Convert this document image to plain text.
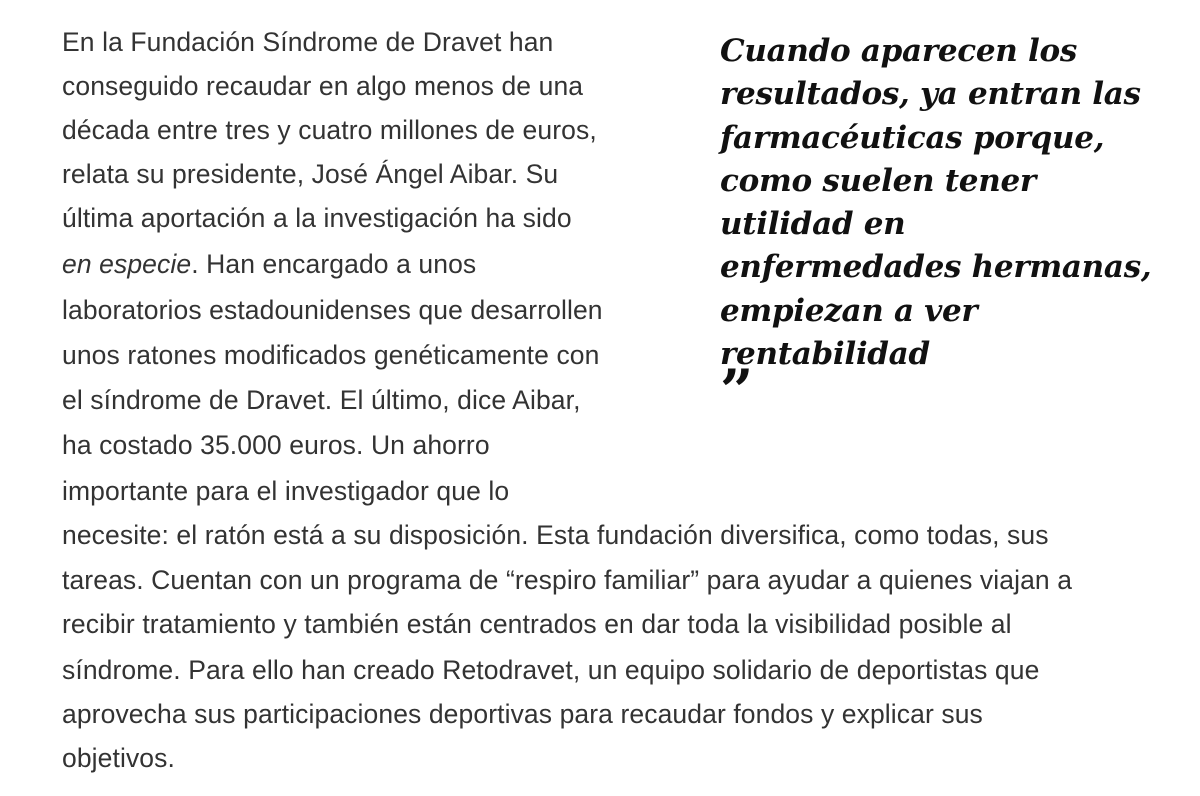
En la Fundación Síndrome de Dravet han
conseguido recaudar en algo menos de una
década entre tres y cuatro millones de euros,
relata su presidente, José Ángel Aibar. Su
última aportación a la investigación ha sido
en especie. Han encargado a unos
laboratorios estadounidenses que desarrollen
unos ratones modificados genéticamente con
el síndrome de Dravet. El último, dice Aibar,
ha costado 35.000 euros. Un ahorro
importante para el investigador que lo
necesite: el ratón está a su disposición. Esta fundación diversifica, como todas, sus
tareas. Cuentan con un programa de “respiro familiar” para ayudar a quienes viajan a
recibir tratamiento y también están centrados en dar toda la visibilidad posible al
síndrome. Para ello han creado Retodravet, un equipo solidario de deportistas que
aprovecha sus participaciones deportivas para recaudar fondos y explicar sus
objetivos.
Cuando aparecen los
resultados, ya entran las
farmacéuticas porque,
como suelen tener
utilidad en
enfermedades hermanas,
empiezan a ver
rentabilidad
”
